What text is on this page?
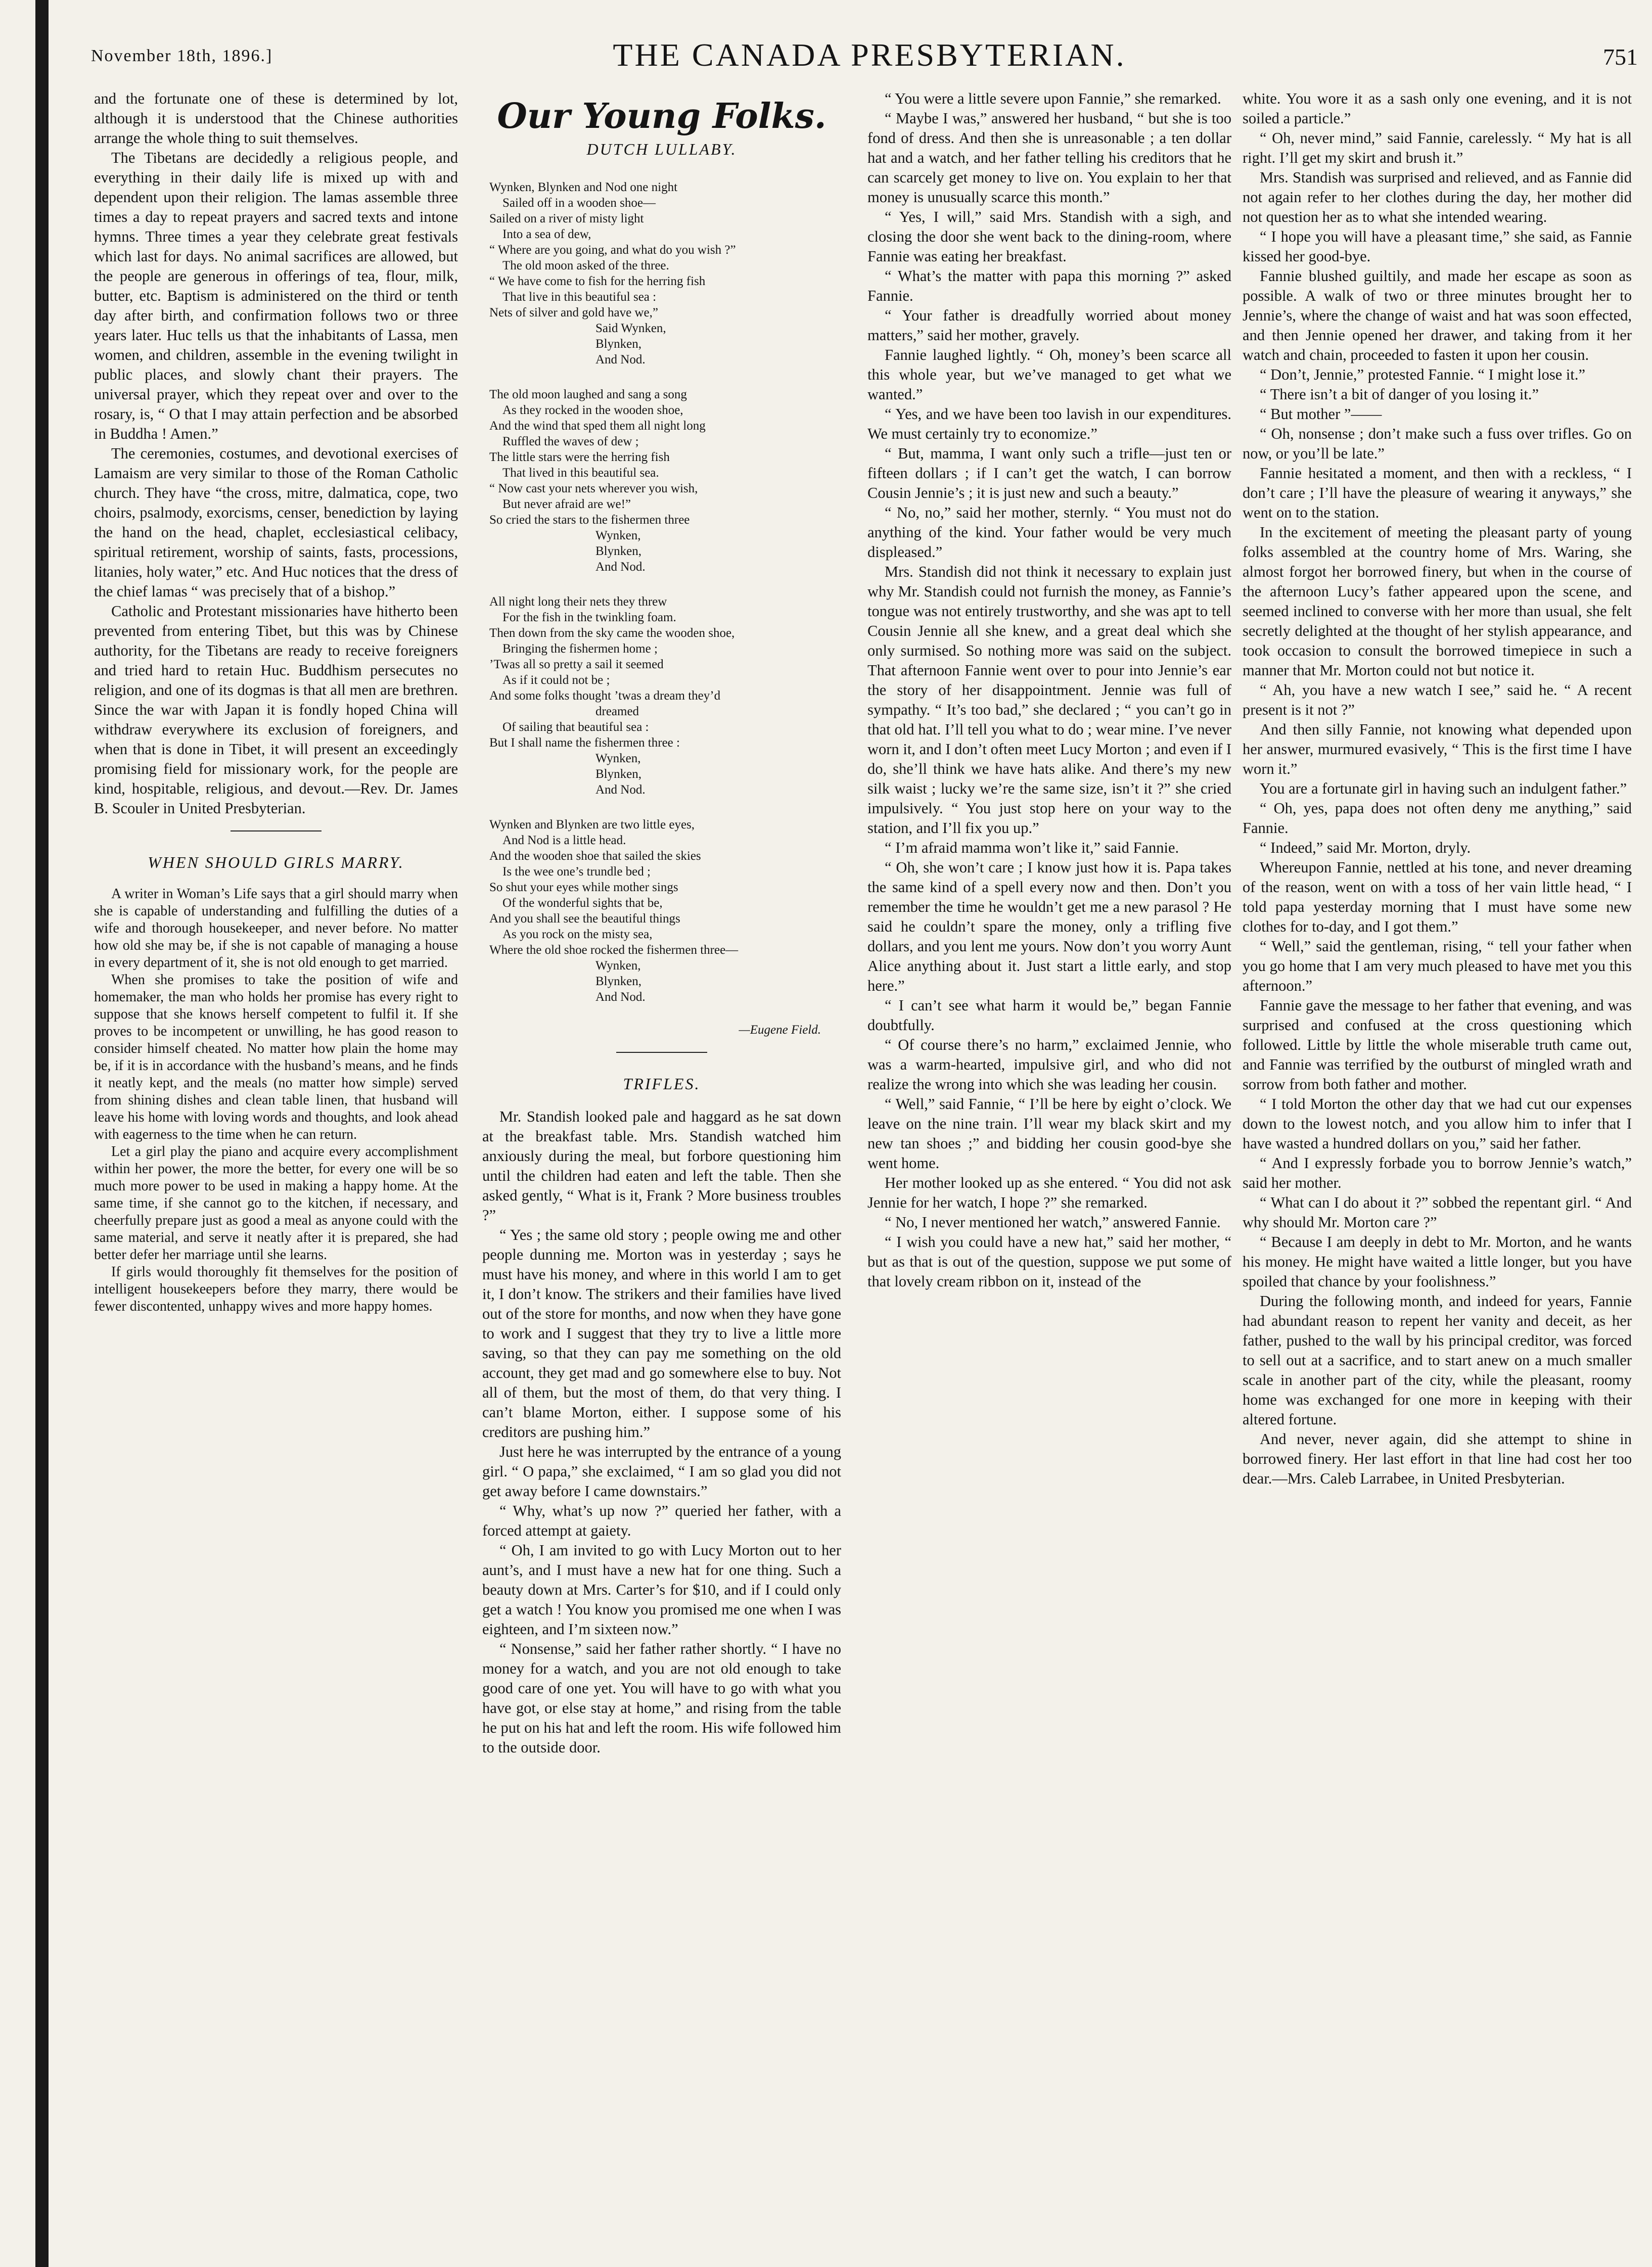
November 18th, 1896.]	THE CANADA PRESBYTERIAN.	751

and the fortunate one of these is determined by lot, although it is understood that the Chinese authorities arrange the whole thing to suit themselves.

The Tibetans are decidedly a religious people, and everything in their daily life is mixed up with and dependent upon their religion. The lamas assemble three times a day to repeat prayers and sacred texts and intone hymns. Three times a year they celebrate great festivals which last for days. No animal sacrifices are allowed, but the people are generous in offerings of tea, flour, milk, butter, etc. Baptism is administered on the third or tenth day after birth, and confirmation follows two or three years later. Huc tells us that the inhabitants of Lassa, men women, and children, assemble in the evening twilight in public places, and slowly chant their prayers. The universal prayer, which they repeat over and over to the rosary, is, “ O that I may attain perfection and be absorbed in Buddha ! Amen.”

The ceremonies, costumes, and devotional exercises of Lamaism are very similar to those of the Roman Catholic church. They have “the cross, mitre, dalmatica, cope, two choirs, psalmody, exorcisms, censer, benediction by laying the hand on the head, chaplet, ecclesiastical celibacy, spiritual retirement, worship of saints, fasts, processions, litanies, holy water,” etc. And Huc notices that the dress of the chief lamas “ was precisely that of a bishop.”

Catholic and Protestant missionaries have hitherto been prevented from entering Tibet, but this was by Chinese authority, for the Tibetans are ready to receive foreigners and tried hard to retain Huc. Buddhism persecutes no religion, and one of its dogmas is that all men are brethren. Since the war with Japan it is fondly hoped China will withdraw everywhere its exclusion of foreigners, and when that is done in Tibet, it will present an exceedingly promising field for missionary work, for the people are kind, hospitable, religious, and devout.—Rev. Dr. James B. Scouler in United Presbyterian.

WHEN SHOULD GIRLS MARRY.

A writer in Woman’s Life says that a girl should marry when she is capable of understanding and fulfilling the duties of a wife and thorough housekeeper, and never before. No matter how old she may be, if she is not capable of managing a house in every department of it, she is not old enough to get married.

When she promises to take the position of wife and homemaker, the man who holds her promise has every right to suppose that she knows herself competent to fulfil it. If she proves to be incompetent or unwilling, he has good reason to consider himself cheated. No matter how plain the home may be, if it is in accordance with the husband’s means, and he finds it neatly kept, and the meals (no matter how simple) served from shining dishes and clean table linen, that husband will leave his home with loving words and thoughts, and look ahead with eagerness to the time when he can return.

Let a girl play the piano and acquire every accomplishment within her power, the more the better, for every one will be so much more power to be used in making a happy home. At the same time, if she cannot go to the kitchen, if necessary, and cheerfully prepare just as good a meal as anyone could with the same material, and serve it neatly after it is prepared, she had better defer her marriage until she learns.

If girls would thoroughly fit themselves for the position of intelligent housekeepers before they marry, there would be fewer discontented, unhappy wives and more happy homes.

Our Young Folks.
DUTCH LULLABY.
Wynken, Blynken and Nod one night
Sailed off in a wooden shoe—
Sailed on a river of misty light
Into a sea of dew,
“ Where are you going, and what do you wish ?”
The old moon asked of the three.
“ We have come to fish for the herring fish
That live in this beautiful sea :
Nets of silver and gold have we,”
Said Wynken,
Blynken,
And Nod.
The old moon laughed and sang a song
As they rocked in the wooden shoe,
And the wind that sped them all night long
Ruffled the waves of dew ;
The little stars were the herring fish
That lived in this beautiful sea.
“ Now cast your nets wherever you wish,
But never afraid are we!”
So cried the stars to the fishermen three
Wynken,
Blynken,
And Nod.
All night long their nets they threw
For the fish in the twinkling foam.
Then down from the sky came the wooden shoe,
Bringing the fishermen home ;
’Twas all so pretty a sail it seemed
As if it could not be ;
And some folks thought ’twas a dream they’d
dreamed
Of sailing that beautiful sea :
But I shall name the fishermen three :
Wynken,
Blynken,
And Nod.
Wynken and Blynken are two little eyes,
And Nod is a little head.
And the wooden shoe that sailed the skies
Is the wee one’s trundle bed ;
So shut your eyes while mother sings
Of the wonderful sights that be,
And you shall see the beautiful things
As you rock on the misty sea,
Where the old shoe rocked the fishermen three—
Wynken,
Blynken,
And Nod.
—Eugene Field.
TRIFLES.

Mr. Standish looked pale and haggard as he sat down at the breakfast table. Mrs. Standish watched him anxiously during the meal, but forbore questioning him until the children had eaten and left the table. Then she asked gently, “ What is it, Frank ? More business troubles ?”

“ Yes ; the same old story ; people owing me and other people dunning me. Morton was in yesterday ; says he must have his money, and where in this world I am to get it, I don’t know. The strikers and their families have lived out of the store for months, and now when they have gone to work and I suggest that they try to live a little more saving, so that they can pay me something on the old account, they get mad and go somewhere else to buy. Not all of them, but the most of them, do that very thing. I can’t blame Morton, either. I suppose some of his creditors are pushing him.”

Just here he was interrupted by the entrance of a young girl. “ O papa,” she exclaimed, “ I am so glad you did not get away before I came downstairs.”

“ Why, what’s up now ?” queried her father, with a forced attempt at gaiety.

“ Oh, I am invited to go with Lucy Morton out to her aunt’s, and I must have a new hat for one thing. Such a beauty down at Mrs. Carter’s for $10, and if I could only get a watch ! You know you promised me one when I was eighteen, and I’m sixteen now.”

“ Nonsense,” said her father rather shortly. “ I have no money for a watch, and you are not old enough to take good care of one yet. You will have to go with what you have got, or else stay at home,” and rising from the table he put on his hat and left the room. His wife followed him to the outside door.

“ You were a little severe upon Fannie,” she remarked.

“ Maybe I was,” answered her husband, “ but she is too fond of dress. And then she is unreasonable ; a ten dollar hat and a watch, and her father telling his creditors that he can scarcely get money to live on. You explain to her that money is unusually scarce this month.”

“ Yes, I will,” said Mrs. Standish with a sigh, and closing the door she went back to the dining-room, where Fannie was eating her breakfast.

“ What’s the matter with papa this morning ?” asked Fannie.

“ Your father is dreadfully worried about money matters,” said her mother, gravely.

Fannie laughed lightly. “ Oh, money’s been scarce all this whole year, but we’ve managed to get what we wanted.”

“ Yes, and we have been too lavish in our expenditures. We must certainly try to economize.”

“ But, mamma, I want only such a trifle—just ten or fifteen dollars ; if I can’t get the watch, I can borrow Cousin Jennie’s ; it is just new and such a beauty.”

“ No, no,” said her mother, sternly. “ You must not do anything of the kind. Your father would be very much displeased.”

Mrs. Standish did not think it necessary to explain just why Mr. Standish could not furnish the money, as Fannie’s tongue was not entirely trustworthy, and she was apt to tell Cousin Jennie all she knew, and a great deal which she only surmised. So nothing more was said on the subject. That afternoon Fannie went over to pour into Jennie’s ear the story of her disappointment. Jennie was full of sympathy. “ It’s too bad,” she declared ; “ you can’t go in that old hat. I’ll tell you what to do ; wear mine. I’ve never worn it, and I don’t often meet Lucy Morton ; and even if I do, she’ll think we have hats alike. And there’s my new silk waist ; lucky we’re the same size, isn’t it ?” she cried impulsively. “ You just stop here on your way to the station, and I’ll fix you up.”

“ I’m afraid mamma won’t like it,” said Fannie.

“ Oh, she won’t care ; I know just how it is. Papa takes the same kind of a spell every now and then. Don’t you remember the time he wouldn’t get me a new parasol ? He said he couldn’t spare the money, only a trifling five dollars, and you lent me yours. Now don’t you worry Aunt Alice anything about it. Just start a little early, and stop here.”

“ I can’t see what harm it would be,” began Fannie doubtfully.

“ Of course there’s no harm,” exclaimed Jennie, who was a warm-hearted, impulsive girl, and who did not realize the wrong into which she was leading her cousin.

“ Well,” said Fannie, “ I’ll be here by eight o’clock. We leave on the nine train. I’ll wear my black skirt and my new tan shoes ;” and bidding her cousin good-bye she went home.

Her mother looked up as she entered. “ You did not ask Jennie for her watch, I hope ?” she remarked.

“ No, I never mentioned her watch,” answered Fannie.

“ I wish you could have a new hat,” said her mother, “ but as that is out of the question, suppose we put some of that lovely cream ribbon on it, instead of the

white. You wore it as a sash only one evening, and it is not soiled a particle.”

“ Oh, never mind,” said Fannie, carelessly. “ My hat is all right. I’ll get my skirt and brush it.”

Mrs. Standish was surprised and relieved, and as Fannie did not again refer to her clothes during the day, her mother did not question her as to what she intended wearing.

“ I hope you will have a pleasant time,” she said, as Fannie kissed her good-bye.

Fannie blushed guiltily, and made her escape as soon as possible. A walk of two or three minutes brought her to Jennie’s, where the change of waist and hat was soon effected, and then Jennie opened her drawer, and taking from it her watch and chain, proceeded to fasten it upon her cousin.

“ Don’t, Jennie,” protested Fannie. “ I might lose it.”

“ There isn’t a bit of danger of you losing it.”

“ But mother ”——

“ Oh, nonsense ; don’t make such a fuss over trifles. Go on now, or you’ll be late.”

Fannie hesitated a moment, and then with a reckless, “ I don’t care ; I’ll have the pleasure of wearing it anyways,” she went on to the station.

In the excitement of meeting the pleasant party of young folks assembled at the country home of Mrs. Waring, she almost forgot her borrowed finery, but when in the course of the afternoon Lucy’s father appeared upon the scene, and seemed inclined to converse with her more than usual, she felt secretly delighted at the thought of her stylish appearance, and took occasion to consult the borrowed timepiece in such a manner that Mr. Morton could not but notice it.

“ Ah, you have a new watch I see,” said he. “ A recent present is it not ?”

And then silly Fannie, not knowing what depended upon her answer, murmured evasively, “ This is the first time I have worn it.”

You are a fortunate girl in having such an indulgent father.”

“ Oh, yes, papa does not often deny me anything,” said Fannie.

“ Indeed,” said Mr. Morton, dryly.

Whereupon Fannie, nettled at his tone, and never dreaming of the reason, went on with a toss of her vain little head, “ I told papa yesterday morning that I must have some new clothes for to-day, and I got them.”

“ Well,” said the gentleman, rising, “ tell your father when you go home that I am very much pleased to have met you this afternoon.”

Fannie gave the message to her father that evening, and was surprised and confused at the cross questioning which followed. Little by little the whole miserable truth came out, and Fannie was terrified by the outburst of mingled wrath and sorrow from both father and mother.

“ I told Morton the other day that we had cut our expenses down to the lowest notch, and you allow him to infer that I have wasted a hundred dollars on you,” said her father.

“ And I expressly forbade you to borrow Jennie’s watch,” said her mother.

“ What can I do about it ?” sobbed the repentant girl. “ And why should Mr. Morton care ?”

“ Because I am deeply in debt to Mr. Morton, and he wants his money. He might have waited a little longer, but you have spoiled that chance by your foolishness.”

During the following month, and indeed for years, Fannie had abundant reason to repent her vanity and deceit, as her father, pushed to the wall by his principal creditor, was forced to sell out at a sacrifice, and to start anew on a much smaller scale in another part of the city, while the pleasant, roomy home was exchanged for one more in keeping with their altered fortune.

And never, never again, did she attempt to shine in borrowed finery. Her last effort in that line had cost her too dear.—Mrs. Caleb Larrabee, in United Presbyterian.
